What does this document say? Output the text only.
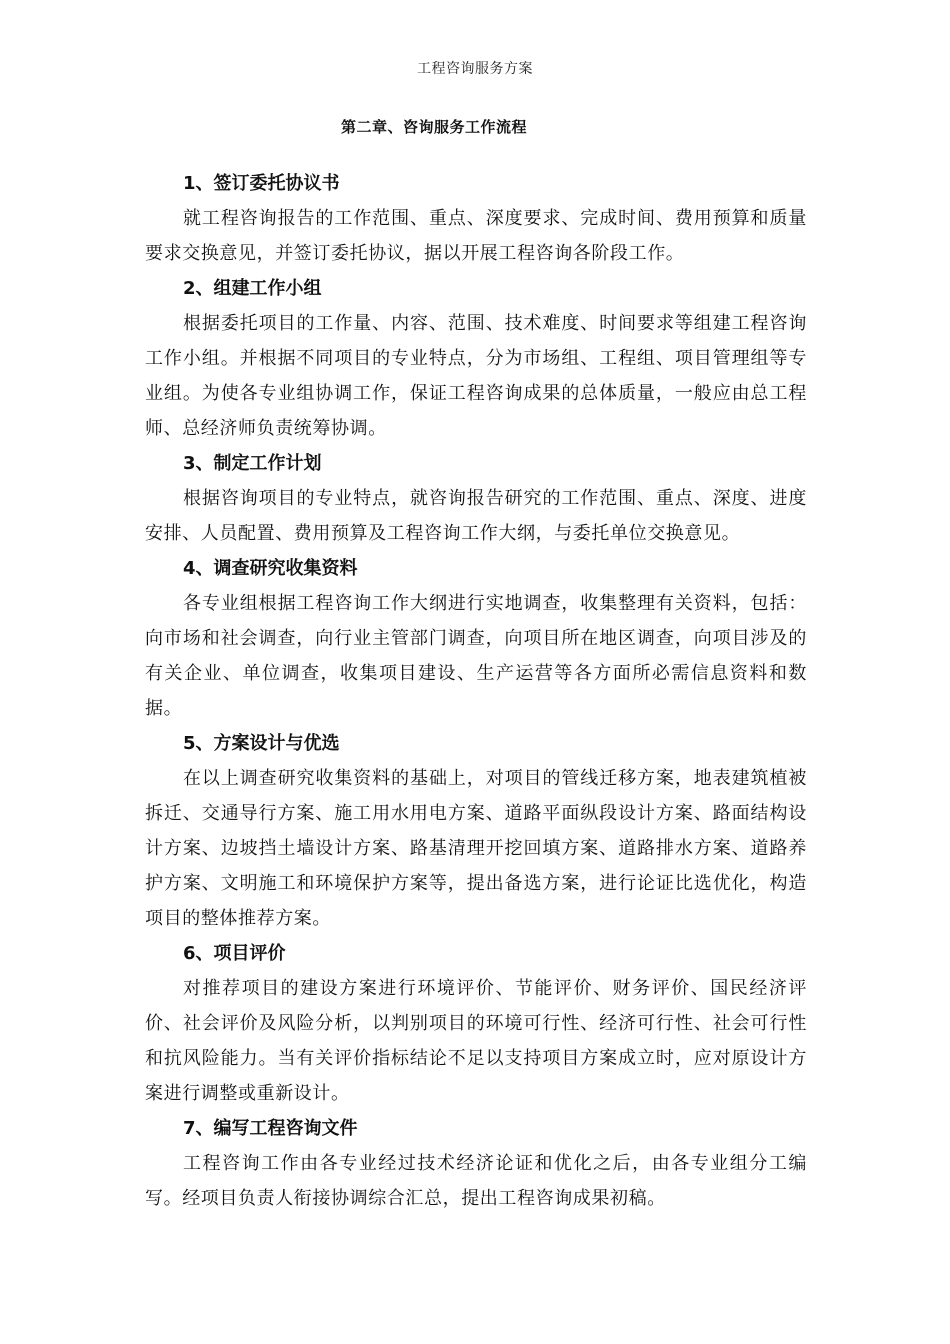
工程咨询服务方案
第二章、咨询服务工作流程
1、签订委托协议书

就工程咨询报告的工作范围、重点、深度要求、完成时间、费用预算和质量要求交换意见，并签订委托协议，据以开展工程咨询各阶段工作。

2、组建工作小组

根据委托项目的工作量、内容、范围、技术难度、时间要求等组建工程咨询工作小组。并根据不同项目的专业特点，分为市场组、工程组、项目管理组等专业组。为使各专业组协调工作，保证工程咨询成果的总体质量，一般应由总工程师、总经济师负责统筹协调。

3、制定工作计划

根据咨询项目的专业特点，就咨询报告研究的工作范围、重点、深度、进度安排、人员配置、费用预算及工程咨询工作大纲，与委托单位交换意见。

4、调查研究收集资料

各专业组根据工程咨询工作大纲进行实地调查，收集整理有关资料，包括：向市场和社会调查，向行业主管部门调查，向项目所在地区调查，向项目涉及的有关企业、单位调查，收集项目建设、生产运营等各方面所必需信息资料和数据。

5、方案设计与优选

在以上调查研究收集资料的基础上，对项目的管线迁移方案，地表建筑植被拆迁、交通导行方案、施工用水用电方案、道路平面纵段设计方案、路面结构设计方案、边坡挡土墙设计方案、路基清理开挖回填方案、道路排水方案、道路养护方案、文明施工和环境保护方案等，提出备选方案，进行论证比选优化，构造项目的整体推荐方案。

6、项目评价

对推荐项目的建设方案进行环境评价、节能评价、财务评价、国民经济评价、社会评价及风险分析，以判别项目的环境可行性、经济可行性、社会可行性和抗风险能力。当有关评价指标结论不足以支持项目方案成立时，应对原设计方案进行调整或重新设计。

7、编写工程咨询文件

工程咨询工作由各专业经过技术经济论证和优化之后，由各专业组分工编写。经项目负责人衔接协调综合汇总，提出工程咨询成果初稿。
